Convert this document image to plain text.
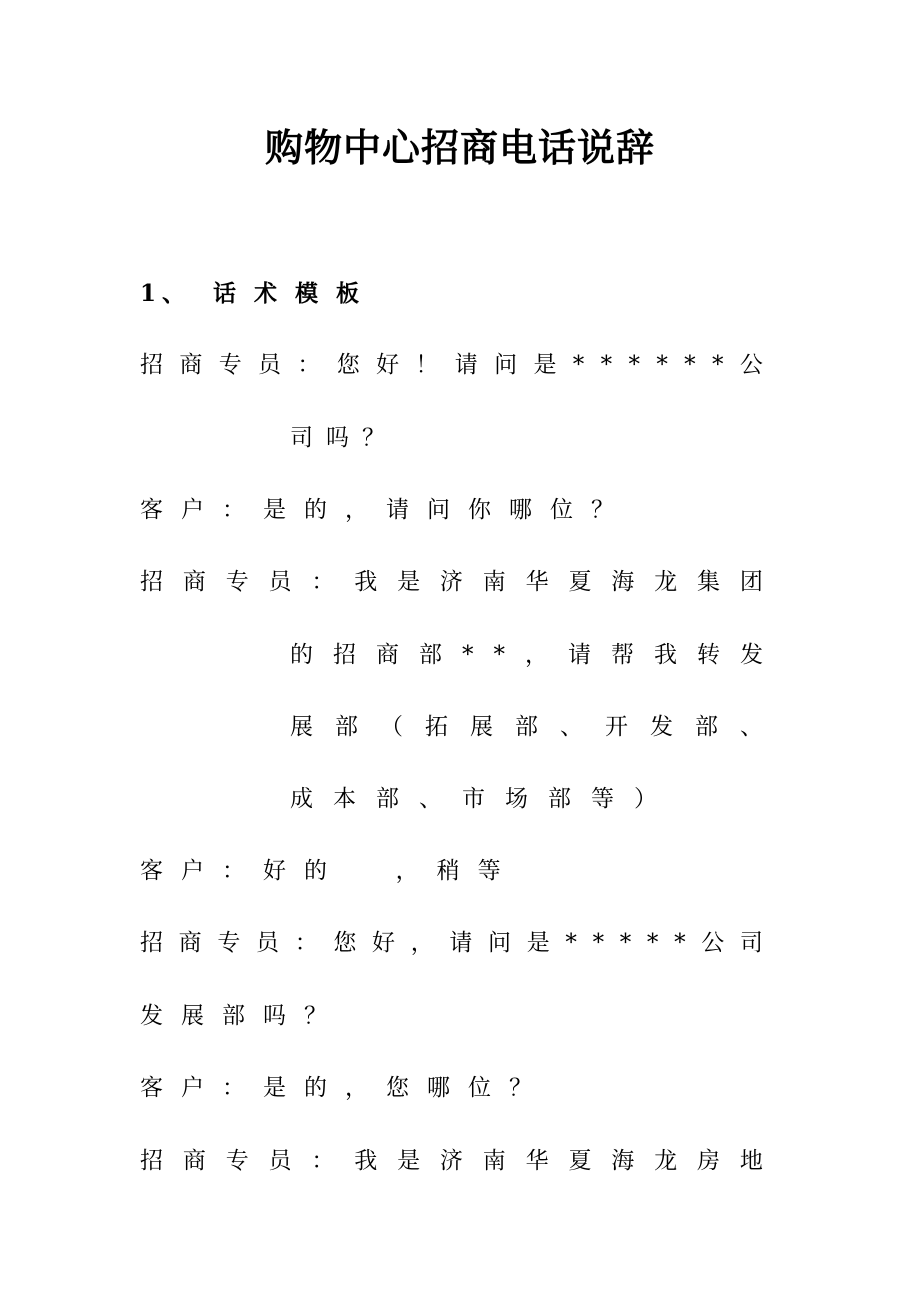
购物中心招商电话说辞
1、 话术模板
招 商 专 员 ： 您 好 ！ 请 问 是 * * * * * * 公
司吗？
客户：是的，请问你哪位？
招 商 专 员 ： 我 是 济 南 华 夏 海 龙 集 团
的 招 商 部 * * ， 请 帮 我 转 发
展 部 （ 拓 展 部 、 开 发 部 、
成本部、市场部等）
客户：好的  ，稍等
招 商 专 员 ： 您 好 ， 请 问 是 * * * * * 公 司
发展部吗？
客户：是的，您哪位？
招 商 专 员 ： 我 是 济 南 华 夏 海 龙 房 地
